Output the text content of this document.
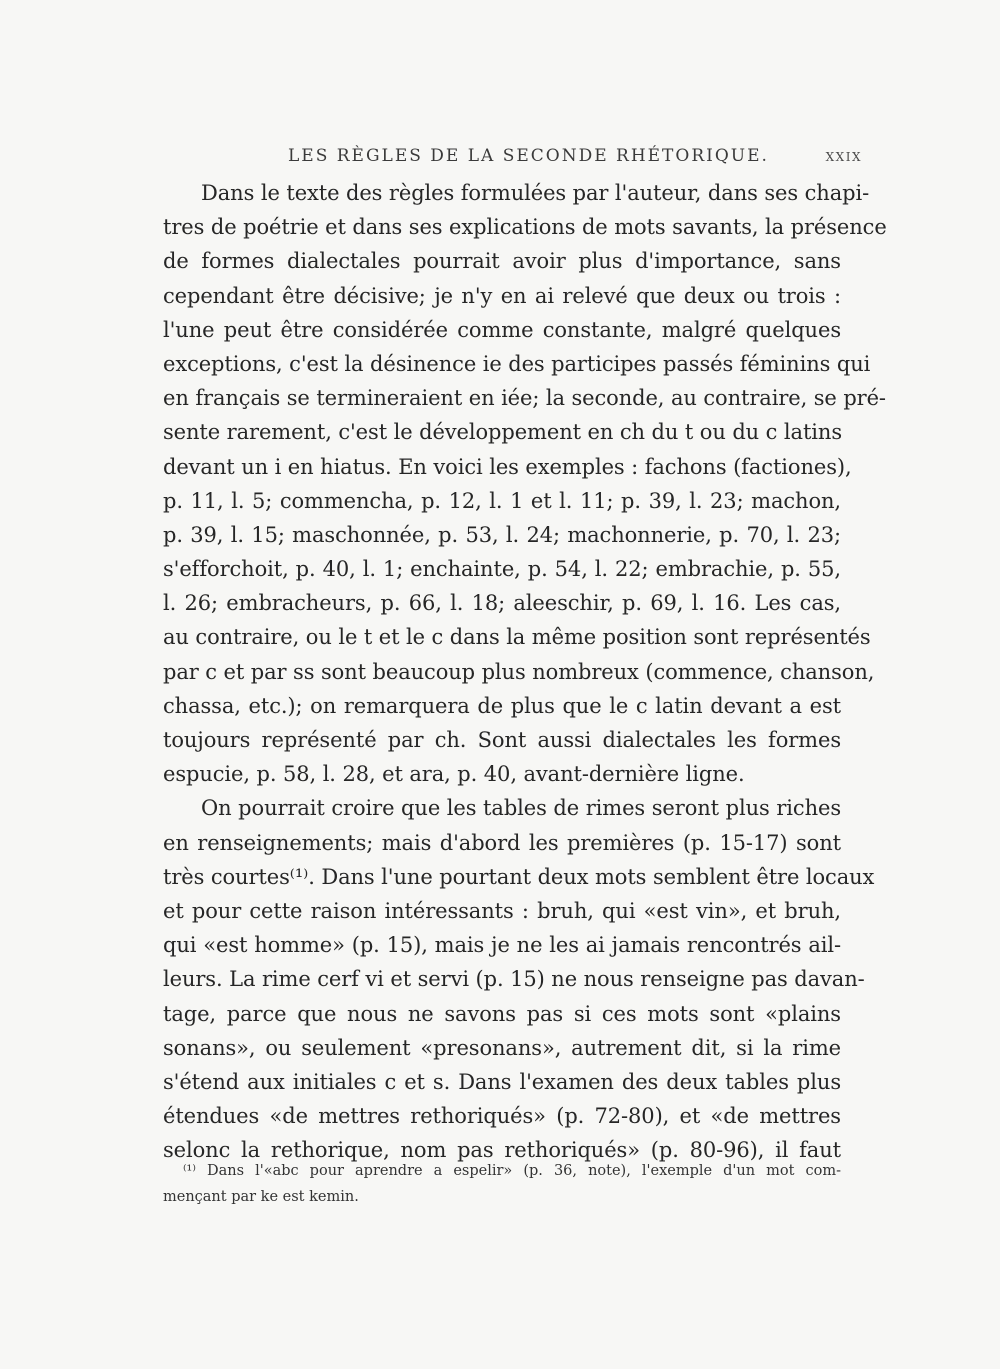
LES RÈGLES DE LA SECONDE RHÉTORIQUE.	XXIX
Dans le texte des règles formulées par l'auteur, dans ses chapi-
tres de poétrie et dans ses explications de mots savants, la présence
de formes dialectales pourrait avoir plus d'importance, sans
cependant être décisive; je n'y en ai relevé que deux ou trois :
l'une peut être considérée comme constante, malgré quelques
exceptions, c'est la désinence ie des participes passés féminins qui
en français se termineraient en iée; la seconde, au contraire, se pré-
sente rarement, c'est le développement en ch du t ou du c latins
devant un i en hiatus. En voici les exemples : fachons (factiones),
p. 11, l. 5; commencha, p. 12, l. 1 et l. 11; p. 39, l. 23; machon,
p. 39, l. 15; maschonnée, p. 53, l. 24; machonnerie, p. 70, l. 23;
s'efforchoit, p. 40, l. 1; enchainte, p. 54, l. 22; embrachie, p. 55,
l. 26; embracheurs, p. 66, l. 18; aleeschir, p. 69, l. 16. Les cas,
au contraire, ou le t et le c dans la même position sont représentés
par c et par ss sont beaucoup plus nombreux (commence, chanson,
chassa, etc.); on remarquera de plus que le c latin devant a est
toujours représenté par ch. Sont aussi dialectales les formes
espucie, p. 58, l. 28, et ara, p. 40, avant-dernière ligne.
On pourrait croire que les tables de rimes seront plus riches
en renseignements; mais d'abord les premières (p. 15-17) sont
très courtes⁽¹⁾. Dans l'une pourtant deux mots semblent être locaux
et pour cette raison intéressants : bruh, qui «est vin», et bruh,
qui «est homme» (p. 15), mais je ne les ai jamais rencontrés ail-
leurs. La rime cerf vi et servi (p. 15) ne nous renseigne pas davan-
tage, parce que nous ne savons pas si ces mots sont «plains
sonans», ou seulement «presonans», autrement dit, si la rime
s'étend aux initiales c et s. Dans l'examen des deux tables plus
étendues «de mettres rethoriqués» (p. 72-80), et «de mettres
selonc la rethorique, nom pas rethoriqués» (p. 80-96), il faut
⁽¹⁾ Dans l'«abc pour aprendre a espelir» (p. 36, note), l'exemple d'un mot com-
mençant par ke est kemin.
